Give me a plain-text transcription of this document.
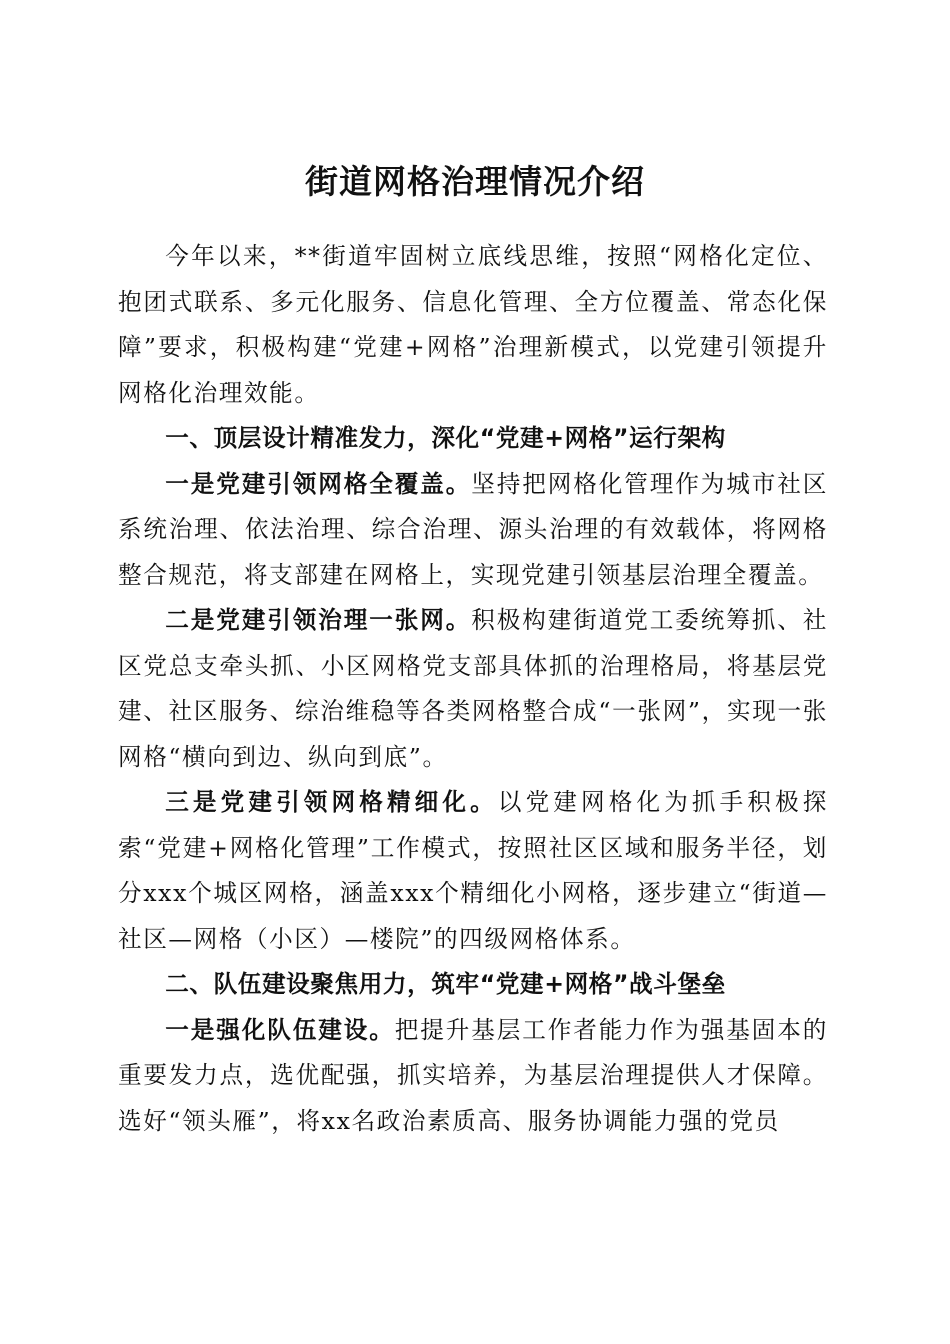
街道网格治理情况介绍

今年以来，**街道牢固树立底线思维，按照“网格化定位、抱团式联系、多元化服务、信息化管理、全方位覆盖、常态化保障”要求，积极构建“党建+网格”治理新模式，以党建引领提升网格化治理效能。

一、顶层设计精准发力，深化“党建+网格”运行架构

一是党建引领网格全覆盖。坚持把网格化管理作为城市社区系统治理、依法治理、综合治理、源头治理的有效载体，将网格整合规范，将支部建在网格上，实现党建引领基层治理全覆盖。

二是党建引领治理一张网。积极构建街道党工委统筹抓、社区党总支牵头抓、小区网格党支部具体抓的治理格局，将基层党建、社区服务、综治维稳等各类网格整合成“一张网”，实现一张网格“横向到边、纵向到底”。

三是党建引领网格精细化。以党建网格化为抓手积极探索“党建+网格化管理”工作模式，按照社区区域和服务半径，划分xxx个城区网格，涵盖xxx个精细化小网格，逐步建立“街道—社区—网格（小区）—楼院”的四级网格体系。

二、队伍建设聚焦用力，筑牢“党建+网格”战斗堡垒

一是强化队伍建设。把提升基层工作者能力作为强基固本的重要发力点，选优配强，抓实培养，为基层治理提供人才保障。选好“领头雁”，将xx名政治素质高、服务协调能力强的党员
